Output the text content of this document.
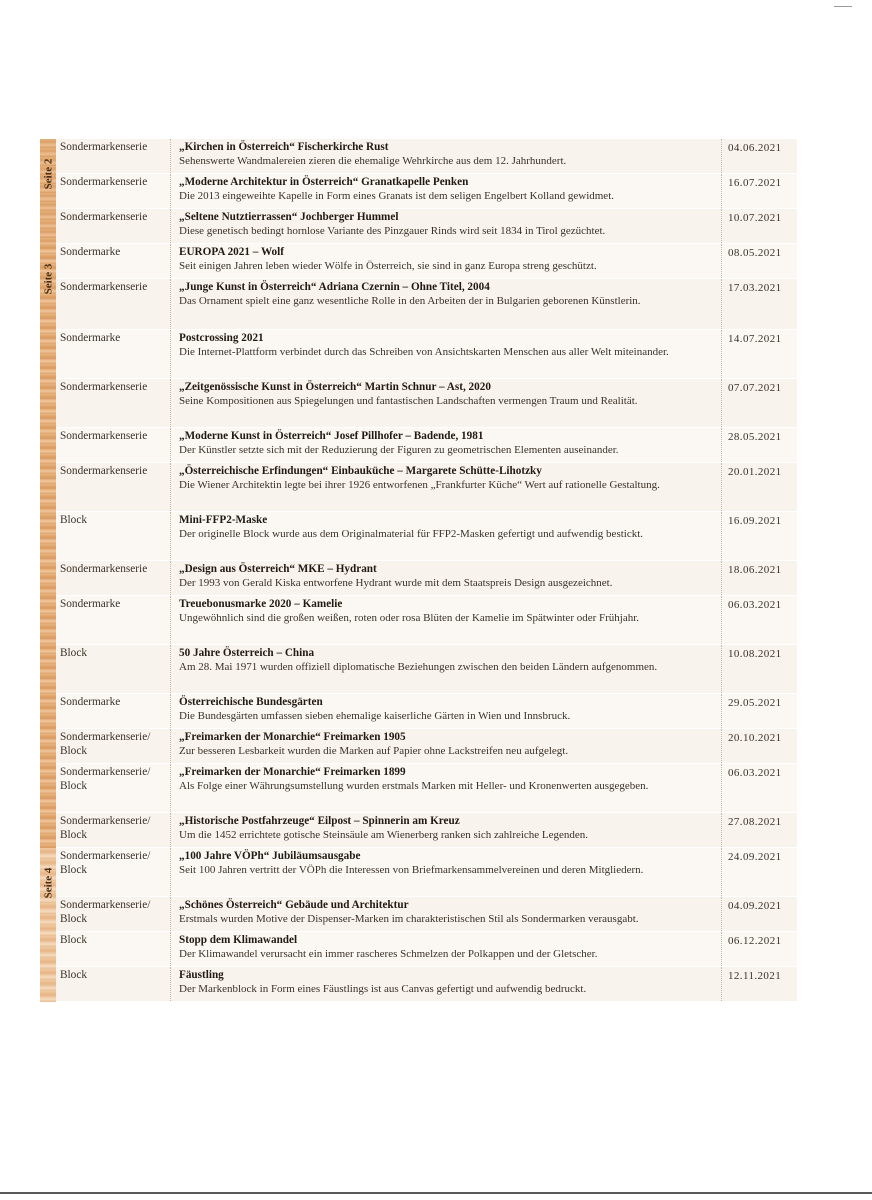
Sondermarkenserie	„Kirchen in Österreich“ Fischerkirche Rust
Sehenswerte Wandmalereien zieren die ehemalige Wehrkirche aus dem 12. Jahrhundert.
04.06.2021
Sondermarkenserie	„Moderne Architektur in Österreich“ Granatkapelle Penken
Die 2013 eingeweihte Kapelle in Form eines Granats ist dem seligen Engelbert Kolland gewidmet.
16.07.2021
Sondermarkenserie	„Seltene Nutztierrassen“ Jochberger Hummel
Diese genetisch bedingt hornlose Variante des Pinzgauer Rinds wird seit 1834 in Tirol gezüchtet.
10.07.2021
Sondermarke	EUROPA 2021 – Wolf
Seit einigen Jahren leben wieder Wölfe in Österreich, sie sind in ganz Europa streng geschützt.
08.05.2021
Sondermarkenserie	„Junge Kunst in Österreich“ Adriana Czernin – Ohne Titel, 2004
Das Ornament spielt eine ganz wesentliche Rolle in den Arbeiten der in Bulgarien geborenen Künstlerin.
17.03.2021
Sondermarke	Postcrossing 2021
Die Internet-Plattform verbindet durch das Schreiben von Ansichtskarten Menschen aus aller Welt miteinander.
14.07.2021
Sondermarkenserie	„Zeitgenössische Kunst in Österreich“ Martin Schnur – Ast, 2020
Seine Kompositionen aus Spiegelungen und fantastischen Landschaften vermengen Traum und Realität.
07.07.2021
Sondermarkenserie	„Moderne Kunst in Österreich“ Josef Pillhofer – Badende, 1981
Der Künstler setzte sich mit der Reduzierung der Figuren zu geometrischen Elementen auseinander.
28.05.2021
Sondermarkenserie	„Österreichische Erfindungen“ Einbauküche – Margarete Schütte-Lihotzky
Die Wiener Architektin legte bei ihrer 1926 entworfenen „Frankfurter Küche“ Wert auf rationelle Gestaltung.
20.01.2021
Block	Mini-FFP2-Maske
Der originelle Block wurde aus dem Originalmaterial für FFP2-Masken gefertigt und aufwendig bestickt.
16.09.2021
Sondermarkenserie	„Design aus Österreich“ MKE – Hydrant
Der 1993 von Gerald Kiska entworfene Hydrant wurde mit dem Staatspreis Design ausgezeichnet.
18.06.2021
Sondermarke	Treuebonusmarke 2020 – Kamelie
Ungewöhnlich sind die großen weißen, roten oder rosa Blüten der Kamelie im Spätwinter oder Frühjahr.
06.03.2021
Block	50 Jahre Österreich – China
Am 28. Mai 1971 wurden offiziell diplomatische Beziehungen zwischen den beiden Ländern aufgenommen.
10.08.2021
Sondermarke	Österreichische Bundesgärten
Die Bundesgärten umfassen sieben ehemalige kaiserliche Gärten in Wien und Innsbruck.
29.05.2021
Sondermarkenserie/ Block
„Freimarken der Monarchie“ Freimarken 1905
Zur besseren Lesbarkeit wurden die Marken auf Papier ohne Lackstreifen neu aufgelegt.
20.10.2021
Sondermarkenserie/ Block
„Freimarken der Monarchie“ Freimarken 1899
Als Folge einer Währungsumstellung wurden erstmals Marken mit Heller- und Kronenwerten ausgegeben.
06.03.2021
Sondermarkenserie/ Block
„Historische Postfahrzeuge“ Eilpost – Spinnerin am Kreuz
Um die 1452 errichtete gotische Steinsäule am Wienerberg ranken sich zahlreiche Legenden.
27.08.2021
Sondermarkenserie/ Block
„100 Jahre VÖPh“ Jubiläumsausgabe
Seit 100 Jahren vertritt der VÖPh die Interessen von Briefmarkensammelvereinen und deren Mitgliedern.
24.09.2021
Sondermarkenserie/ Block
„Schönes Österreich“ Gebäude und Architektur
Erstmals wurden Motive der Dispenser-Marken im charakteristischen Stil als Sondermarken verausgabt.
04.09.2021
Block	Stopp dem Klimawandel
Der Klimawandel verursacht ein immer rascheres Schmelzen der Polkappen und der Gletscher.
06.12.2021
Block	Fäustling
Der Markenblock in Form eines Fäustlings ist aus Canvas gefertigt und aufwendig bedruckt.
12.11.2021
Seite 2
Seite 3
Seite 4
